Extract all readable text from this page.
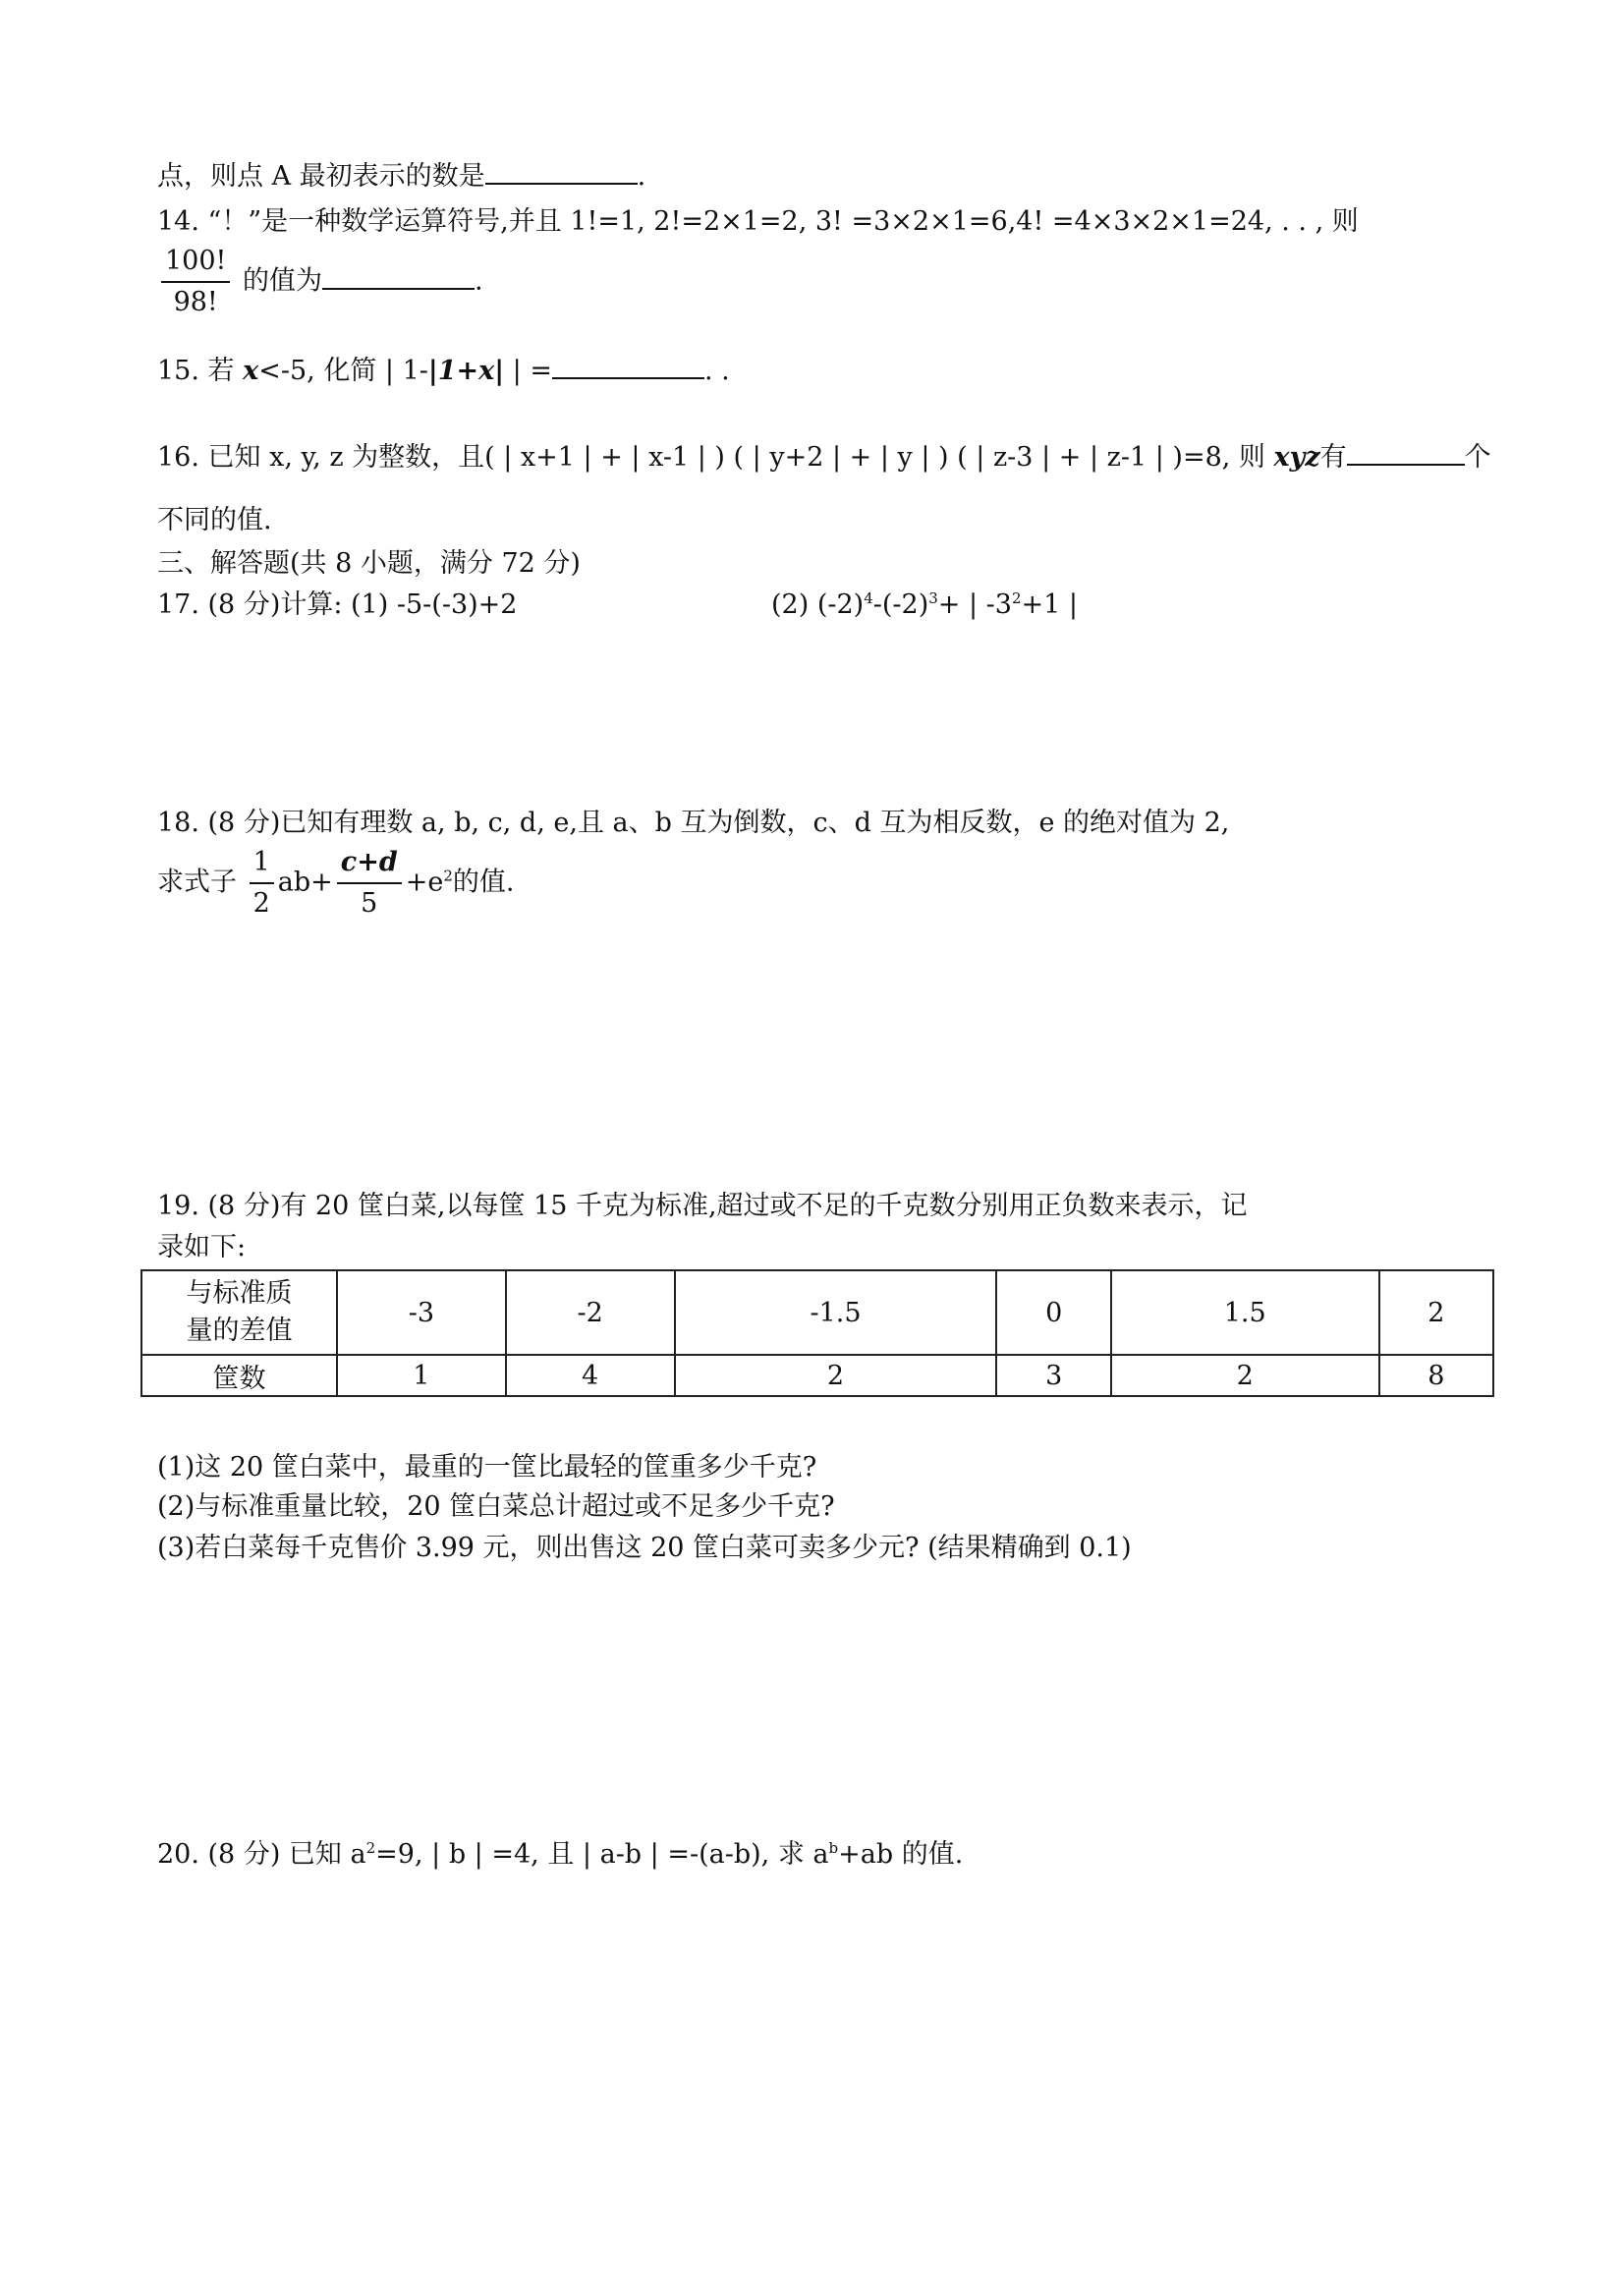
点，则点 A 最初表示的数是	.
14. “！”是一种数学运算符号,并且 1!=1, 2!=2×1=2, 3! =3×2×1=6,4! =4×3×2×1=24, . . , 则
$\frac{100!}{98!}$ 的值为	.
15. 若 x<-5, 化简 | 1-|1+x| | =	. .
16. 已知 x, y, z 为整数，且( | x+1 | + | x-1 | ) ( | y+2 | + | y | ) ( | z-3 | + | z-1 | )=8, 则 xyz有	个
不同的值.
三、解答题(共 8 小题，满分 72 分)
17. (8 分)计算: (1) -5-(-3)+2	(2) $(-2)^4-(-2)^3+$ | $-3^2+1$ |
18. (8 分)已知有理数 a, b, c, d, e,且 a、b 互为倒数，c、d 互为相反数，e 的绝对值为 2,
求式子 $\frac{1}{2} ab+ \frac{c+d}{5} +e^2$的值.
19. (8 分)有 20 筐白菜,以每筐 15 千克为标准,超过或不足的千克数分别用正负数来表示，记
录如下:
与标准质
量的差值	-3	-2	-1.5	0	1.5	2
筐数	1	4	2	3	2	8
(1)这 20 筐白菜中，最重的一筐比最轻的筐重多少千克?
(2)与标准重量比较，20 筐白菜总计超过或不足多少千克?
(3)若白菜每千克售价 3.99 元，则出售这 20 筐白菜可卖多少元? (结果精确到 0.1)
20. (8 分) 已知 $a^2=9$, | b | =4, 且 | a-b | =-(a-b), 求 $a^b+ab$ 的值.
